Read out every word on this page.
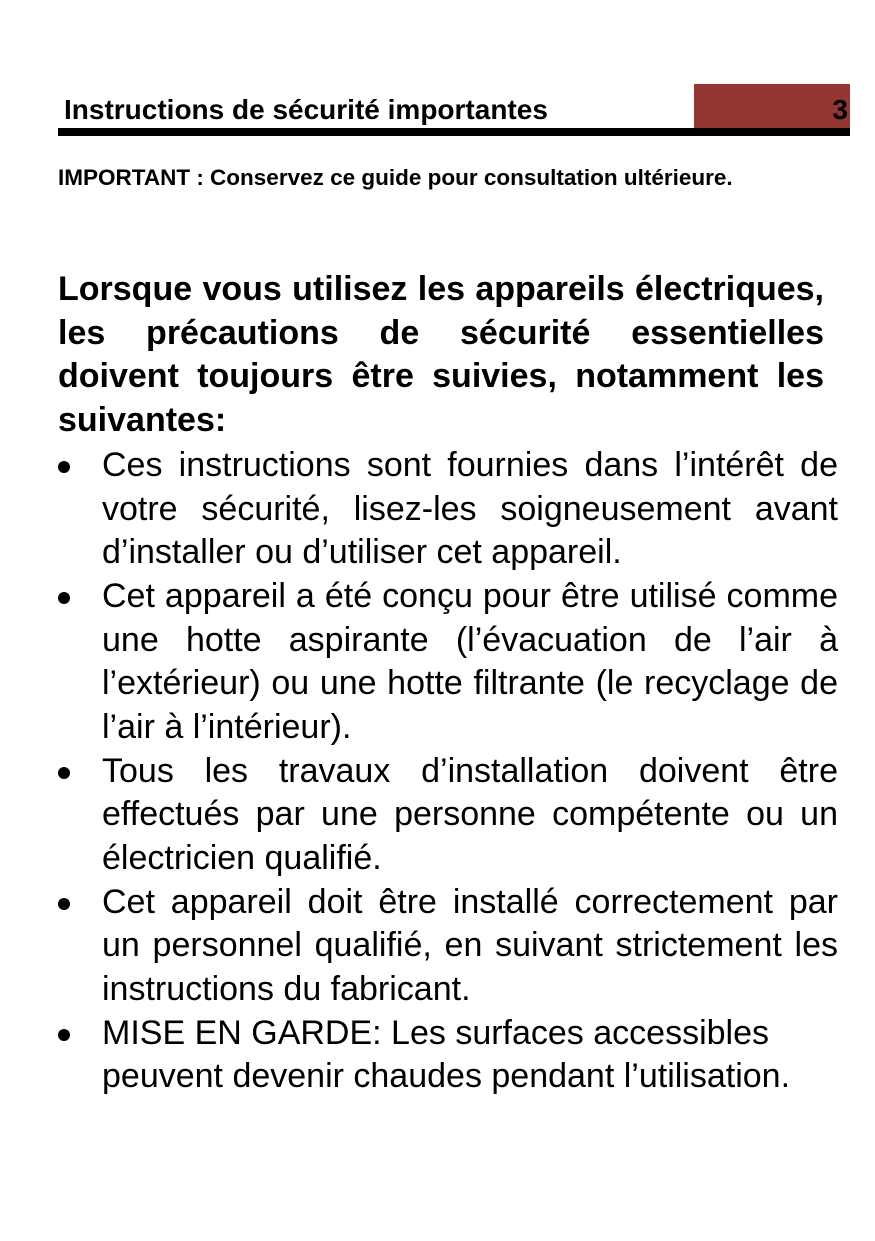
Instructions de sécurité importantes	3

IMPORTANT : Conservez ce guide pour consultation ultérieure.

Lorsque vous utilisez les appareils électriques, les précautions de sécurité essentielles doivent toujours être suivies, notamment les suivantes:

Ces instructions sont fournies dans l’intérêt de votre sécurité, lisez-les soigneusement avant d’installer ou d’utiliser cet appareil.
Cet appareil a été conçu pour être utilisé comme une hotte aspirante (l’évacuation de l’air à l’extérieur) ou une hotte filtrante (le recyclage de l’air à l’intérieur).
Tous les travaux d’installation doivent être effectués par une personne compétente ou un électricien qualifié.
Cet appareil doit être installé correctement par un personnel qualifié, en suivant strictement les instructions du fabricant.
MISE EN GARDE: Les surfaces accessibles peuvent devenir chaudes pendant l’utilisation.
